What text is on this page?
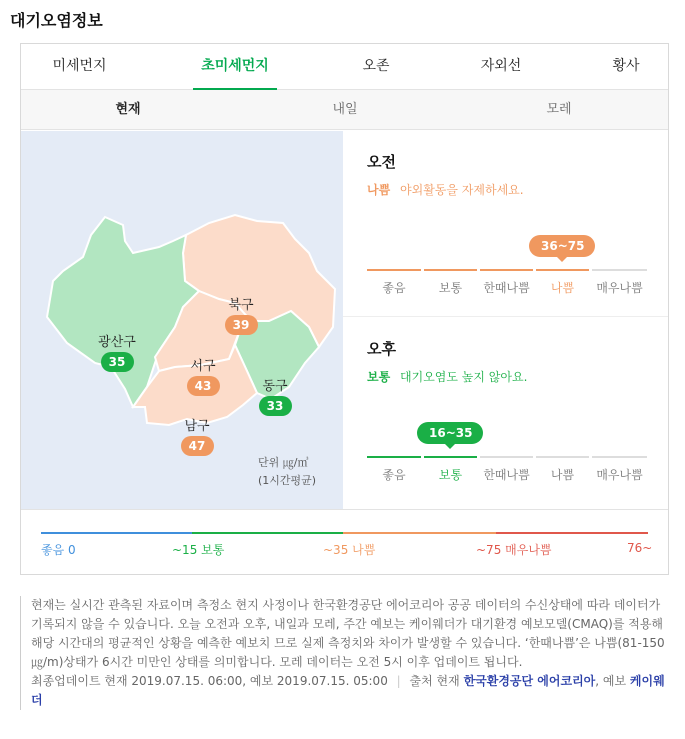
대기오염정보
미세먼지	초미세먼지	오존	자외선	황사
현재	내일	모레
광산구
35
북구
39
서구
43	동구
33
남구
47
단위 ㎍/㎥
(1시간평균)
오전
나쁨 야외활동을 자제하세요.
좋음	보통	한때나쁨	나쁨	매우나쁨
36~75
오후
보통 대기오염도 높지 않아요.
좋음	보통	한때나쁨	나쁨	매우나쁨
16~35
좋음 0	~15 보통	~35 나쁨	~75 매우나쁨	76~
현재는 실시간 관측된 자료이며 측정소 현지 사정이나 한국환경공단 에어코리아 공공 데이터의 수신상태에 따라 데이터가 기록되지 않을 수 있습니다. 오늘 오전과 오후, 내일과 모레, 주간 예보는 케이웨더가 대기환경 예보모델(CMAQ)를 적용해 해당 시간대의 평균적인 상황을 예측한 예보치 므로 실제 측정치와 차이가 발생할 수 있습니다. ‘한때나쁨’은 나쁨(81-150㎍/m)상태가 6시간 미만인 상태를 의미합니다. 모레 데이터는 오전 5시 이후 업데이트 됩니다.
최종업데이트 현재 2019.07.15. 06:00, 예보 2019.07.15. 05:00 | 출처 현재 한국환경공단 에어코리아, 예보 케이웨더
